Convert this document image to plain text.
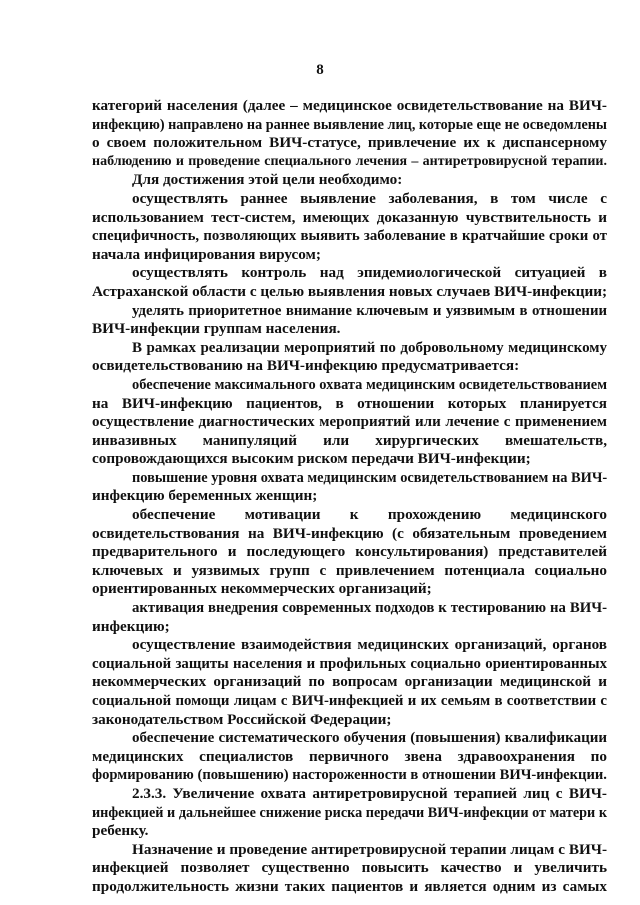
8
категорий населения (далее – медицинское освидетельствование на ВИЧ-
инфекцию) направлено на раннее выявление лиц, которые еще не осведомлены
о своем положительном ВИЧ-статусе, привлечение их к диспансерному
наблюдению и проведение специального лечения – антиретровирусной терапии.
Для достижения этой цели необходимо:
осуществлять раннее выявление заболевания, в том числе с
использованием тест-систем, имеющих доказанную чувствительность и
специфичность, позволяющих выявить заболевание в кратчайшие сроки от
начала инфицирования вирусом;
осуществлять контроль над эпидемиологической ситуацией в
Астраханской области с целью выявления новых случаев ВИЧ-инфекции;
уделять приоритетное внимание ключевым и уязвимым в отношении
ВИЧ-инфекции группам населения.
В рамках реализации мероприятий по добровольному медицинскому
освидетельствованию на ВИЧ-инфекцию предусматривается:
обеспечение максимального охвата медицинским освидетельствованием
на ВИЧ-инфекцию пациентов, в отношении которых планируется
осуществление диагностических мероприятий или лечение с применением
инвазивных манипуляций или хирургических вмешательств,
сопровождающихся высоким риском передачи ВИЧ-инфекции;
повышение уровня охвата медицинским освидетельствованием на ВИЧ-
инфекцию беременных женщин;
обеспечение мотивации к прохождению медицинского
освидетельствования на ВИЧ-инфекцию (с обязательным проведением
предварительного и последующего консультирования) представителей
ключевых и уязвимых групп с привлечением потенциала социально
ориентированных некоммерческих организаций;
активация внедрения современных подходов к тестированию на ВИЧ-
инфекцию;
осуществление взаимодействия медицинских организаций, органов
социальной защиты населения и профильных социально ориентированных
некоммерческих организаций по вопросам организации медицинской и
социальной помощи лицам с ВИЧ-инфекцией и их семьям в соответствии с
законодательством Российской Федерации;
обеспечение систематического обучения (повышения) квалификации
медицинских специалистов первичного звена здравоохранения по
формированию (повышению) настороженности в отношении ВИЧ-инфекции.
2.3.3. Увеличение охвата антиретровирусной терапией лиц с ВИЧ-
инфекцией и дальнейшее снижение риска передачи ВИЧ-инфекции от матери к
ребенку.
Назначение и проведение антиретровирусной терапии лицам с ВИЧ-
инфекцией позволяет существенно повысить качество и увеличить
продолжительность жизни таких пациентов и является одним из самых
